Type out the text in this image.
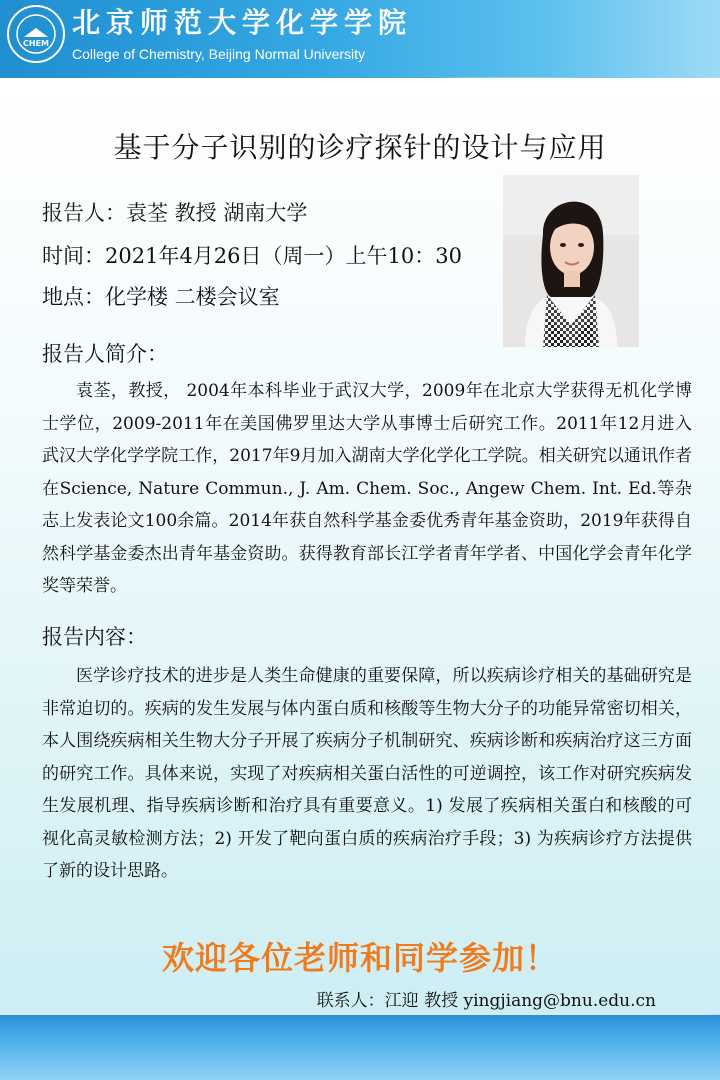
CHEM
北京师范大学化学学院
College of Chemistry, Beijing Normal University
基于分子识别的诊疗探针的设计与应用
报告人：袁荃 教授 湖南大学
时间：2021年4月26日（周一）上午10：30
地点：化学楼 二楼会议室
报告人简介：

袁荃，教授， 2004年本科毕业于武汉大学，2009年在北京大学获得无机化学博士学位，2009-2011年在美国佛罗里达大学从事博士后研究工作。2011年12月进入武汉大学化学学院工作，2017年9月加入湖南大学化学化工学院。相关研究以通讯作者在Science, Nature Commun., J. Am. Chem. Soc., Angew Chem. Int. Ed.等杂志上发表论文100余篇。2014年获自然科学基金委优秀青年基金资助，2019年获得自然科学基金委杰出青年基金资助。获得教育部长江学者青年学者、中国化学会青年化学奖等荣誉。

报告内容：

医学诊疗技术的进步是人类生命健康的重要保障，所以疾病诊疗相关的基础研究是非常迫切的。疾病的发生发展与体内蛋白质和核酸等生物大分子的功能异常密切相关，本人围绕疾病相关生物大分子开展了疾病分子机制研究、疾病诊断和疾病治疗这三方面的研究工作。具体来说，实现了对疾病相关蛋白活性的可逆调控，该工作对研究疾病发生发展机理、指导疾病诊断和治疗具有重要意义。1) 发展了疾病相关蛋白和核酸的可视化高灵敏检测方法；2) 开发了靶向蛋白质的疾病治疗手段；3) 为疾病诊疗方法提供了新的设计思路。

欢迎各位老师和同学参加！
联系人：江迎 教授 yingjiang@bnu.edu.cn
